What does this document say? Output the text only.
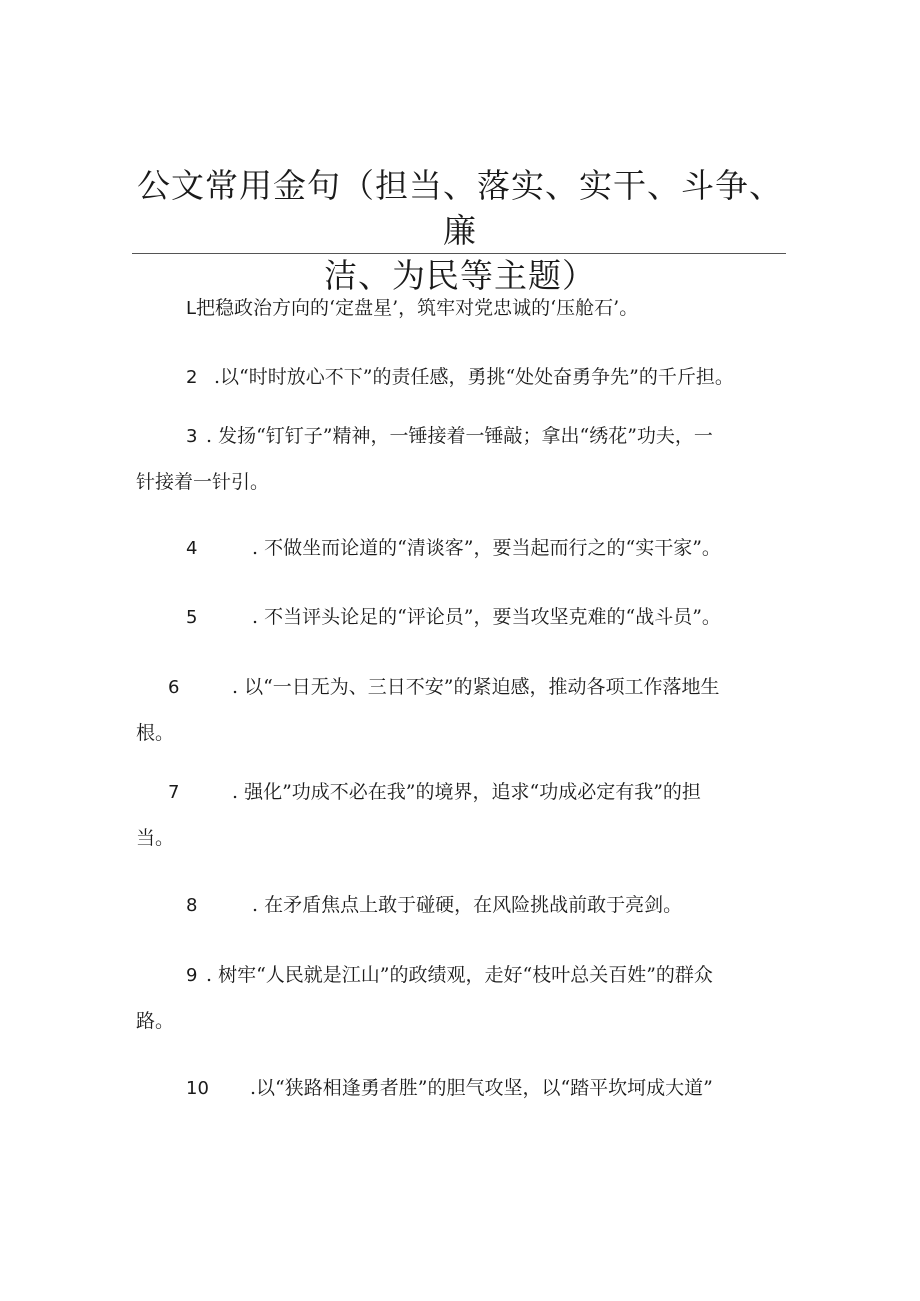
公文常用金句（担当、落实、实干、斗争、廉
洁、为民等主题）
L把稳政治方向的‘定盘星’，筑牢对党忠诚的‘压舱石’。
2 .以“时时放心不下”的责任感，勇挑“处处奋勇争先”的千斤担。
3 . 发扬“钉钉子”精神，一锤接着一锤敲；拿出“绣花”功夫，一
针接着一针引。
4	. 不做坐而论道的“清谈客”，要当起而行之的“实干家”。
5	. 不当评头论足的“评论员”，要当攻坚克难的“战斗员”。
6	. 以“一日无为、三日不安”的紧迫感，推动各项工作落地生
根。
7	. 强化”功成不必在我”的境界，追求“功成必定有我”的担
当。
8	. 在矛盾焦点上敢于碰硬，在风险挑战前敢于亮剑。
9 . 树牢“人民就是江山”的政绩观，走好“枝叶总关百姓”的群众
路。
10 .以“狭路相逢勇者胜”的胆气攻坚，以“踏平坎坷成大道”
